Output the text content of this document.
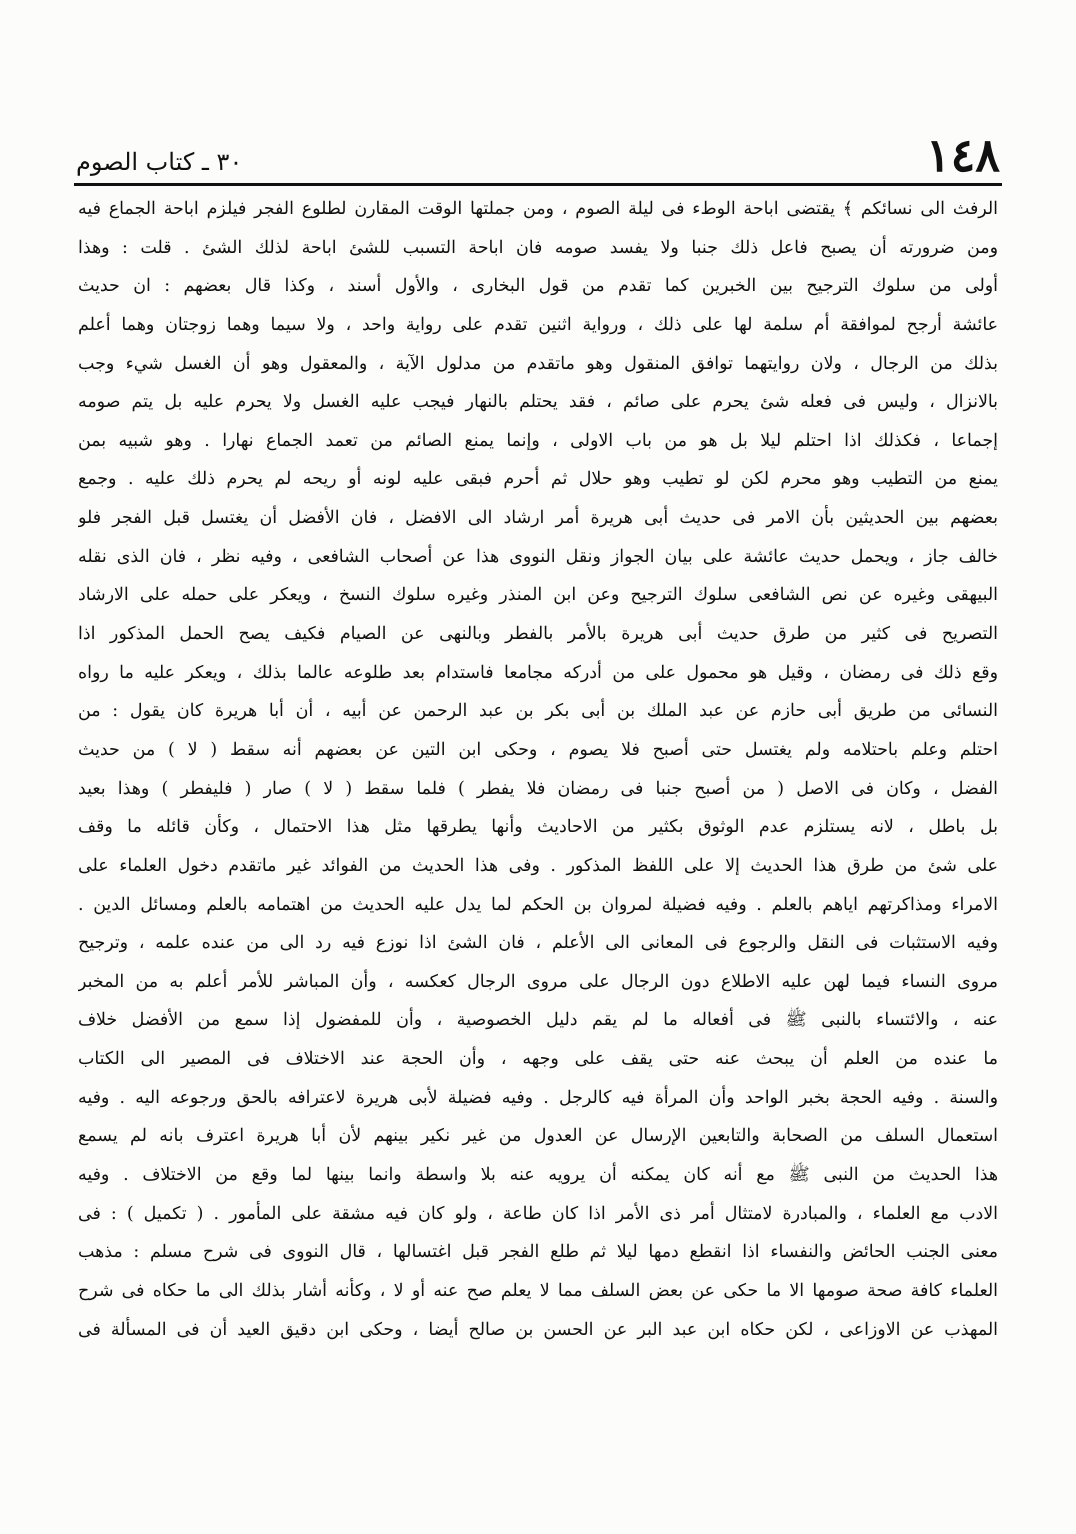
١٤٨
٣٠ ـ كتاب الصوم
الرفث الى نسائكم ﴾ يقتضى اباحة الوطء فى ليلة الصوم ، ومن جملتها الوقت المقارن لطلوع الفجر فيلزم اباحة الجماع فيه
ومن ضرورته أن يصبح فاعل ذلك جنبا ولا يفسد صومه فان اباحة التسبب للشئ اباحة لذلك الشئ . قلت : وهذا
أولى من سلوك الترجيح بين الخبرين كما تقدم من قول البخارى ، والأول أسند ، وكذا قال بعضهم : ان حديث
عائشة أرجح لموافقة أم سلمة لها على ذلك ، ورواية اثنين تقدم على رواية واحد ، ولا سيما وهما زوجتان وهما أعلم
بذلك من الرجال ، ولان روايتهما توافق المنقول وهو ماتقدم من مدلول الآية ، والمعقول وهو أن الغسل شيء وجب
بالانزال ، وليس فى فعله شئ يحرم على صائم ، فقد يحتلم بالنهار فيجب عليه الغسل ولا يحرم عليه بل يتم صومه
إجماعا ، فكذلك اذا احتلم ليلا بل هو من باب الاولى ، وإنما يمنع الصائم من تعمد الجماع نهارا . وهو شبيه بمن
يمنع من التطيب وهو محرم لكن لو تطيب وهو حلال ثم أحرم فبقى عليه لونه أو ريحه لم يحرم ذلك عليه . وجمع
بعضهم بين الحديثين بأن الامر فى حديث أبى هريرة أمر ارشاد الى الافضل ، فان الأفضل أن يغتسل قبل الفجر فلو
خالف جاز ، ويحمل حديث عائشة على بيان الجواز ونقل النووى هذا عن أصحاب الشافعى ، وفيه نظر ، فان الذى نقله
البيهقى وغيره عن نص الشافعى سلوك الترجيح وعن ابن المنذر وغيره سلوك النسخ ، ويعكر على حمله على الارشاد
التصريح فى كثير من طرق حديث أبى هريرة بالأمر بالفطر وبالنهى عن الصيام فكيف يصح الحمل المذكور اذا
وقع ذلك فى رمضان ، وقيل هو محمول على من أدركه مجامعا فاستدام بعد طلوعه عالما بذلك ، ويعكر عليه ما رواه
النسائى من طريق أبى حازم عن عبد الملك بن أبى بكر بن عبد الرحمن عن أبيه ، أن أبا هريرة كان يقول : من
احتلم وعلم باحتلامه ولم يغتسل حتى أصبح فلا يصوم ، وحكى ابن التين عن بعضهم أنه سقط ( لا ) من حديث
الفضل ، وكان فى الاصل ( من أصبح جنبا فى رمضان فلا يفطر ) فلما سقط ( لا ) صار ( فليفطر ) وهذا بعيد
بل باطل ، لانه يستلزم عدم الوثوق بكثير من الاحاديث وأنها يطرقها مثل هذا الاحتمال ، وكأن قائله ما وقف
على شئ من طرق هذا الحديث إلا على اللفظ المذكور . وفى هذا الحديث من الفوائد غير ماتقدم دخول العلماء على
الامراء ومذاكرتهم اياهم بالعلم . وفيه فضيلة لمروان بن الحكم لما يدل عليه الحديث من اهتمامه بالعلم ومسائل الدين .
وفيه الاستثبات فى النقل والرجوع فى المعانى الى الأعلم ، فان الشئ اذا نوزع فيه رد الى من عنده علمه ، وترجيح
مروى النساء فيما لهن عليه الاطلاع دون الرجال على مروى الرجال كعكسه ، وأن المباشر للأمر أعلم به من المخبر
عنه ، والائتساء بالنبى ﷺ فى أفعاله ما لم يقم دليل الخصوصية ، وأن للمفضول إذا سمع من الأفضل خلاف
ما عنده من العلم أن يبحث عنه حتى يقف على وجهه ، وأن الحجة عند الاختلاف فى المصير الى الكتاب
والسنة . وفيه الحجة بخبر الواحد وأن المرأة فيه كالرجل . وفيه فضيلة لأبى هريرة لاعترافه بالحق ورجوعه اليه . وفيه
استعمال السلف من الصحابة والتابعين الإرسال عن العدول من غير نكير بينهم لأن أبا هريرة اعترف بانه لم يسمع
هذا الحديث من النبى ﷺ مع أنه كان يمكنه أن يرويه عنه بلا واسطة وانما بينها لما وقع من الاختلاف . وفيه
الادب مع العلماء ، والمبادرة لامتثال أمر ذى الأمر اذا كان طاعة ، ولو كان فيه مشقة على المأمور . ( تكميل ) : فى
معنى الجنب الحائض والنفساء اذا انقطع دمها ليلا ثم طلع الفجر قبل اغتسالها ، قال النووى فى شرح مسلم : مذهب
العلماء كافة صحة صومها الا ما حكى عن بعض السلف مما لا يعلم صح عنه أو لا ، وكأنه أشار بذلك الى ما حكاه فى شرح
المهذب عن الاوزاعى ، لكن حكاه ابن عبد البر عن الحسن بن صالح أيضا ، وحكى ابن دقيق العيد أن فى المسألة فى
